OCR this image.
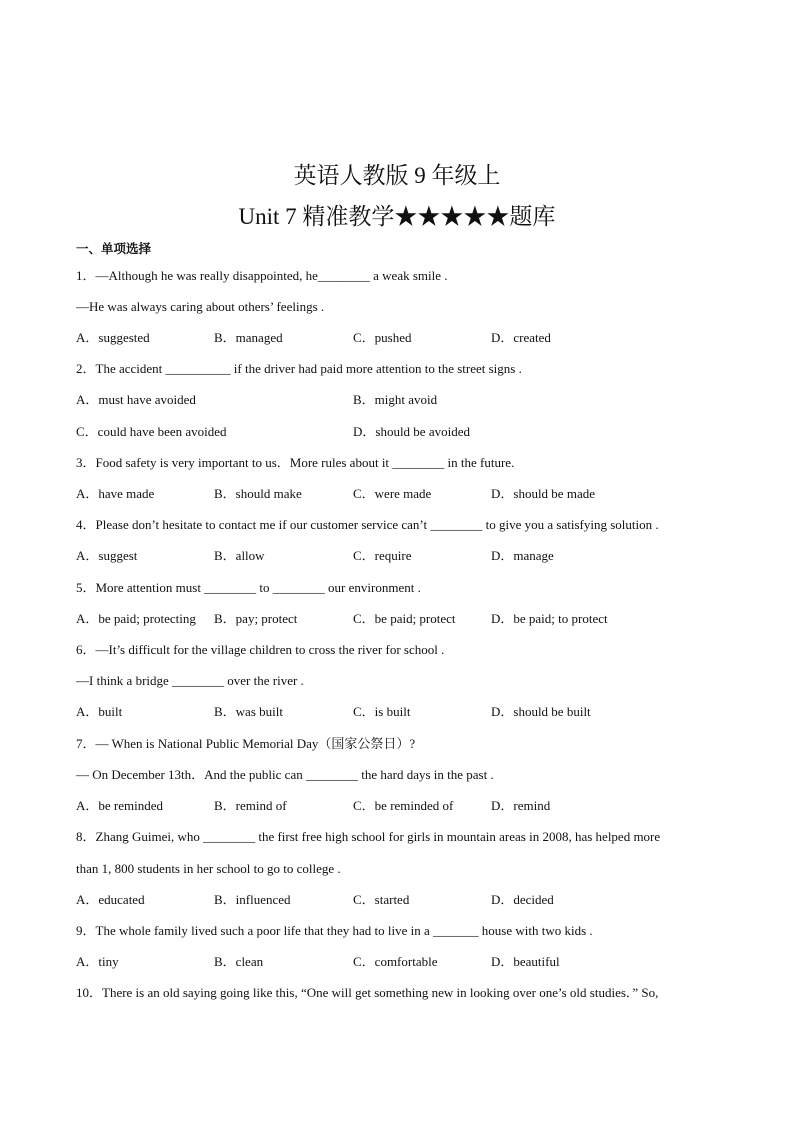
英语人教版 9 年级上
Unit 7 精准教学★★★★★题库
一、单项选择
1．—Although he was really disappointed, he________ a weak smile .
—He was always caring about others’ feelings .
A．suggested	B．managed	C．pushed	D．created
2．The accident __________ if the driver had paid more attention to the street signs .
A．must have avoided	B．might avoid
C．could have been avoided	D．should be avoided
3．Food safety is very important to us．More rules about it ________ in the future.
A．have made	B．should make	C．were made	D．should be made
4．Please don’t hesitate to contact me if our customer service can’t ________ to give you a satisfying solution .
A．suggest	B．allow	C．require	D．manage
5．More attention must ________ to ________ our environment .
A．be paid; protecting B．pay; protect	C．be paid; protect	D．be paid; to protect
6．—It’s difficult for the village children to cross the river for school .
—I think a bridge ________ over the river .
A．built	B．was built	C．is built	D．should be built
7．— When is National Public Memorial Day（国家公祭日）?
— On December 13th．And the public can ________ the hard days in the past .
A．be reminded	B．remind of	C．be reminded of	D．remind
8．Zhang Guimei, who ________ the first free high school for girls in mountain areas in 2008, has helped more
than 1, 800 students in her school to go to college .
A．educated	B．influenced	C．started	D．decided
9．The whole family lived such a poor life that they had to live in a _______ house with two kids .
A．tiny	B．clean	C．comfortable	D．beautiful
10．There is an old saying going like this, “One will get something new in looking over one’s old studies．” So,
